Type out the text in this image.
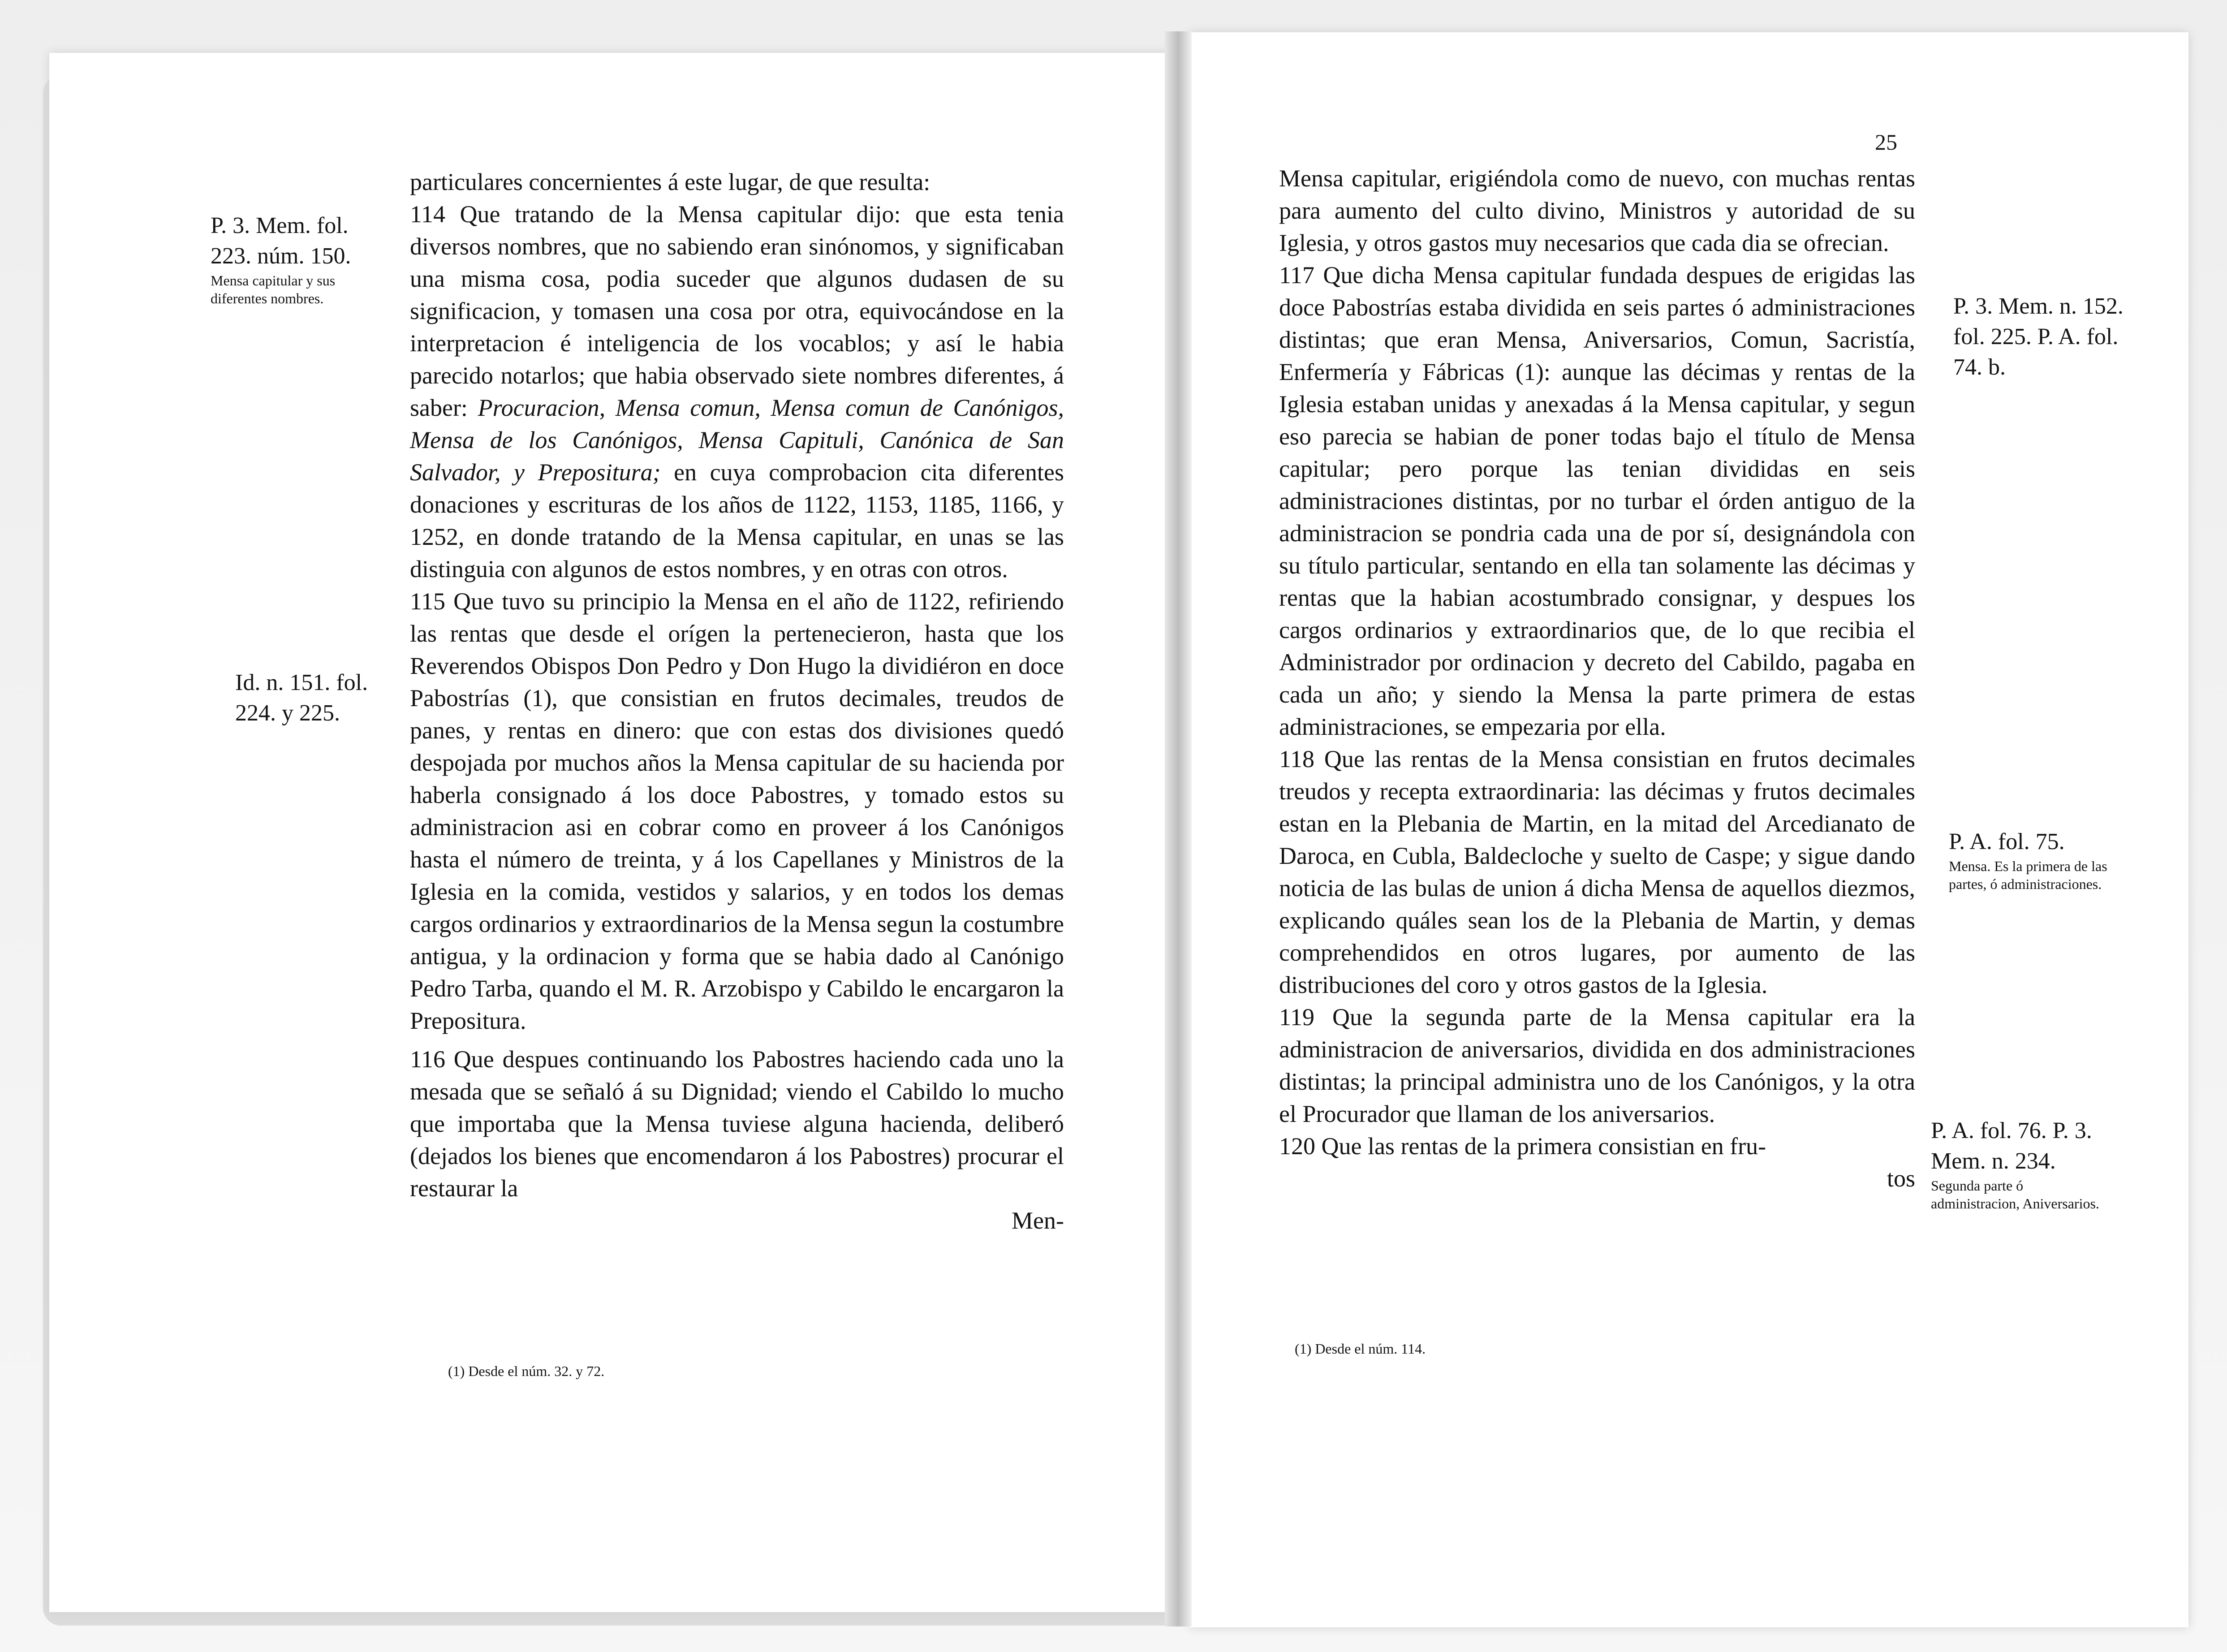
P. 3. Mem. fol. 223. núm. 150.
Mensa capitular y sus diferentes nombres.
Id. n. 151. fol. 224. y 225.

particulares concernientes á este lugar, de que resulta:

114 Que tratando de la Mensa capitular dijo: que esta tenia diversos nombres, que no sabiendo eran sinónomos, y significaban una misma cosa, podia suceder que algunos dudasen de su significacion, y tomasen una cosa por otra, equivocándose en la interpretacion é inteligencia de los vocablos; y así le habia parecido notarlos; que habia observado siete nombres diferentes, á saber: Procuracion, Mensa comun, Mensa comun de Canónigos, Mensa de los Canónigos, Mensa Capituli, Canónica de San Salvador, y Prepositura; en cuya comprobacion cita diferentes donaciones y escrituras de los años de 1122, 1153, 1185, 1166, y 1252, en donde tratando de la Mensa capitular, en unas se las distinguia con algunos de estos nombres, y en otras con otros.

115 Que tuvo su principio la Mensa en el año de 1122, refiriendo las rentas que desde el orígen la pertenecieron, hasta que los Reverendos Obispos Don Pedro y Don Hugo la dividiéron en doce Pabostrías (1), que consistian en frutos decimales, treudos de panes, y rentas en dinero: que con estas dos divisiones quedó despojada por muchos años la Mensa capitular de su hacienda por haberla consignado á los doce Pabostres, y tomado estos su administracion asi en cobrar como en proveer á los Canónigos hasta el número de treinta, y á los Capellanes y Ministros de la Iglesia en la comida, vestidos y salarios, y en todos los demas cargos ordinarios y extraordinarios de la Mensa segun la costumbre antigua, y la ordinacion y forma que se habia dado al Canónigo Pedro Tarba, quando el M. R. Arzobispo y Cabildo le encargaron la Prepositura.

116 Que despues continuando los Pabostres haciendo cada uno la mesada que se señaló á su Dignidad; viendo el Cabildo lo mucho que importaba que la Mensa tuviese alguna hacienda, deliberó (dejados los bienes que encomendaron á los Pabostres) procurar el restaurar la

Men-

(1) Desde el núm. 32. y 72.
25

Mensa capitular, erigiéndola como de nuevo, con muchas rentas para aumento del culto divino, Ministros y autoridad de su Iglesia, y otros gastos muy necesarios que cada dia se ofrecian.

117 Que dicha Mensa capitular fundada despues de erigidas las doce Pabostrías estaba dividida en seis partes ó administraciones distintas; que eran Mensa, Aniversarios, Comun, Sacristía, Enfermería y Fábricas (1): aunque las décimas y rentas de la Iglesia estaban unidas y anexadas á la Mensa capitular, y segun eso parecia se habian de poner todas bajo el título de Mensa capitular; pero porque las tenian divididas en seis administraciones distintas, por no turbar el órden antiguo de la administracion se pondria cada una de por sí, designándola con su título particular, sentando en ella tan solamente las décimas y rentas que la habian acostumbrado consignar, y despues los cargos ordinarios y extraordinarios que, de lo que recibia el Administrador por ordinacion y decreto del Cabildo, pagaba en cada un año; y siendo la Mensa la parte primera de estas administraciones, se empezaria por ella.

118 Que las rentas de la Mensa consistian en frutos decimales treudos y recepta extraordinaria: las décimas y frutos decimales estan en la Plebania de Martin, en la mitad del Arcedianato de Daroca, en Cubla, Baldecloche y suelto de Caspe; y sigue dando noticia de las bulas de union á dicha Mensa de aquellos diezmos, explicando quáles sean los de la Plebania de Martin, y demas comprehendidos en otros lugares, por aumento de las distribuciones del coro y otros gastos de la Iglesia.

119 Que la segunda parte de la Mensa capitular era la administracion de aniversarios, dividida en dos administraciones distintas; la principal administra uno de los Canónigos, y la otra el Procurador que llaman de los aniversarios.

120 Que las rentas de la primera consistian en fru-

tos

P. 3. Mem. n. 152. fol. 225. P. A. fol. 74. b.
P. A. fol. 75.
Mensa. Es la primera de las partes, ó administraciones.
P. A. fol. 76. P. 3. Mem. n. 234.
Segunda parte ó administracion, Aniversarios.
(1) Desde el núm. 114.
